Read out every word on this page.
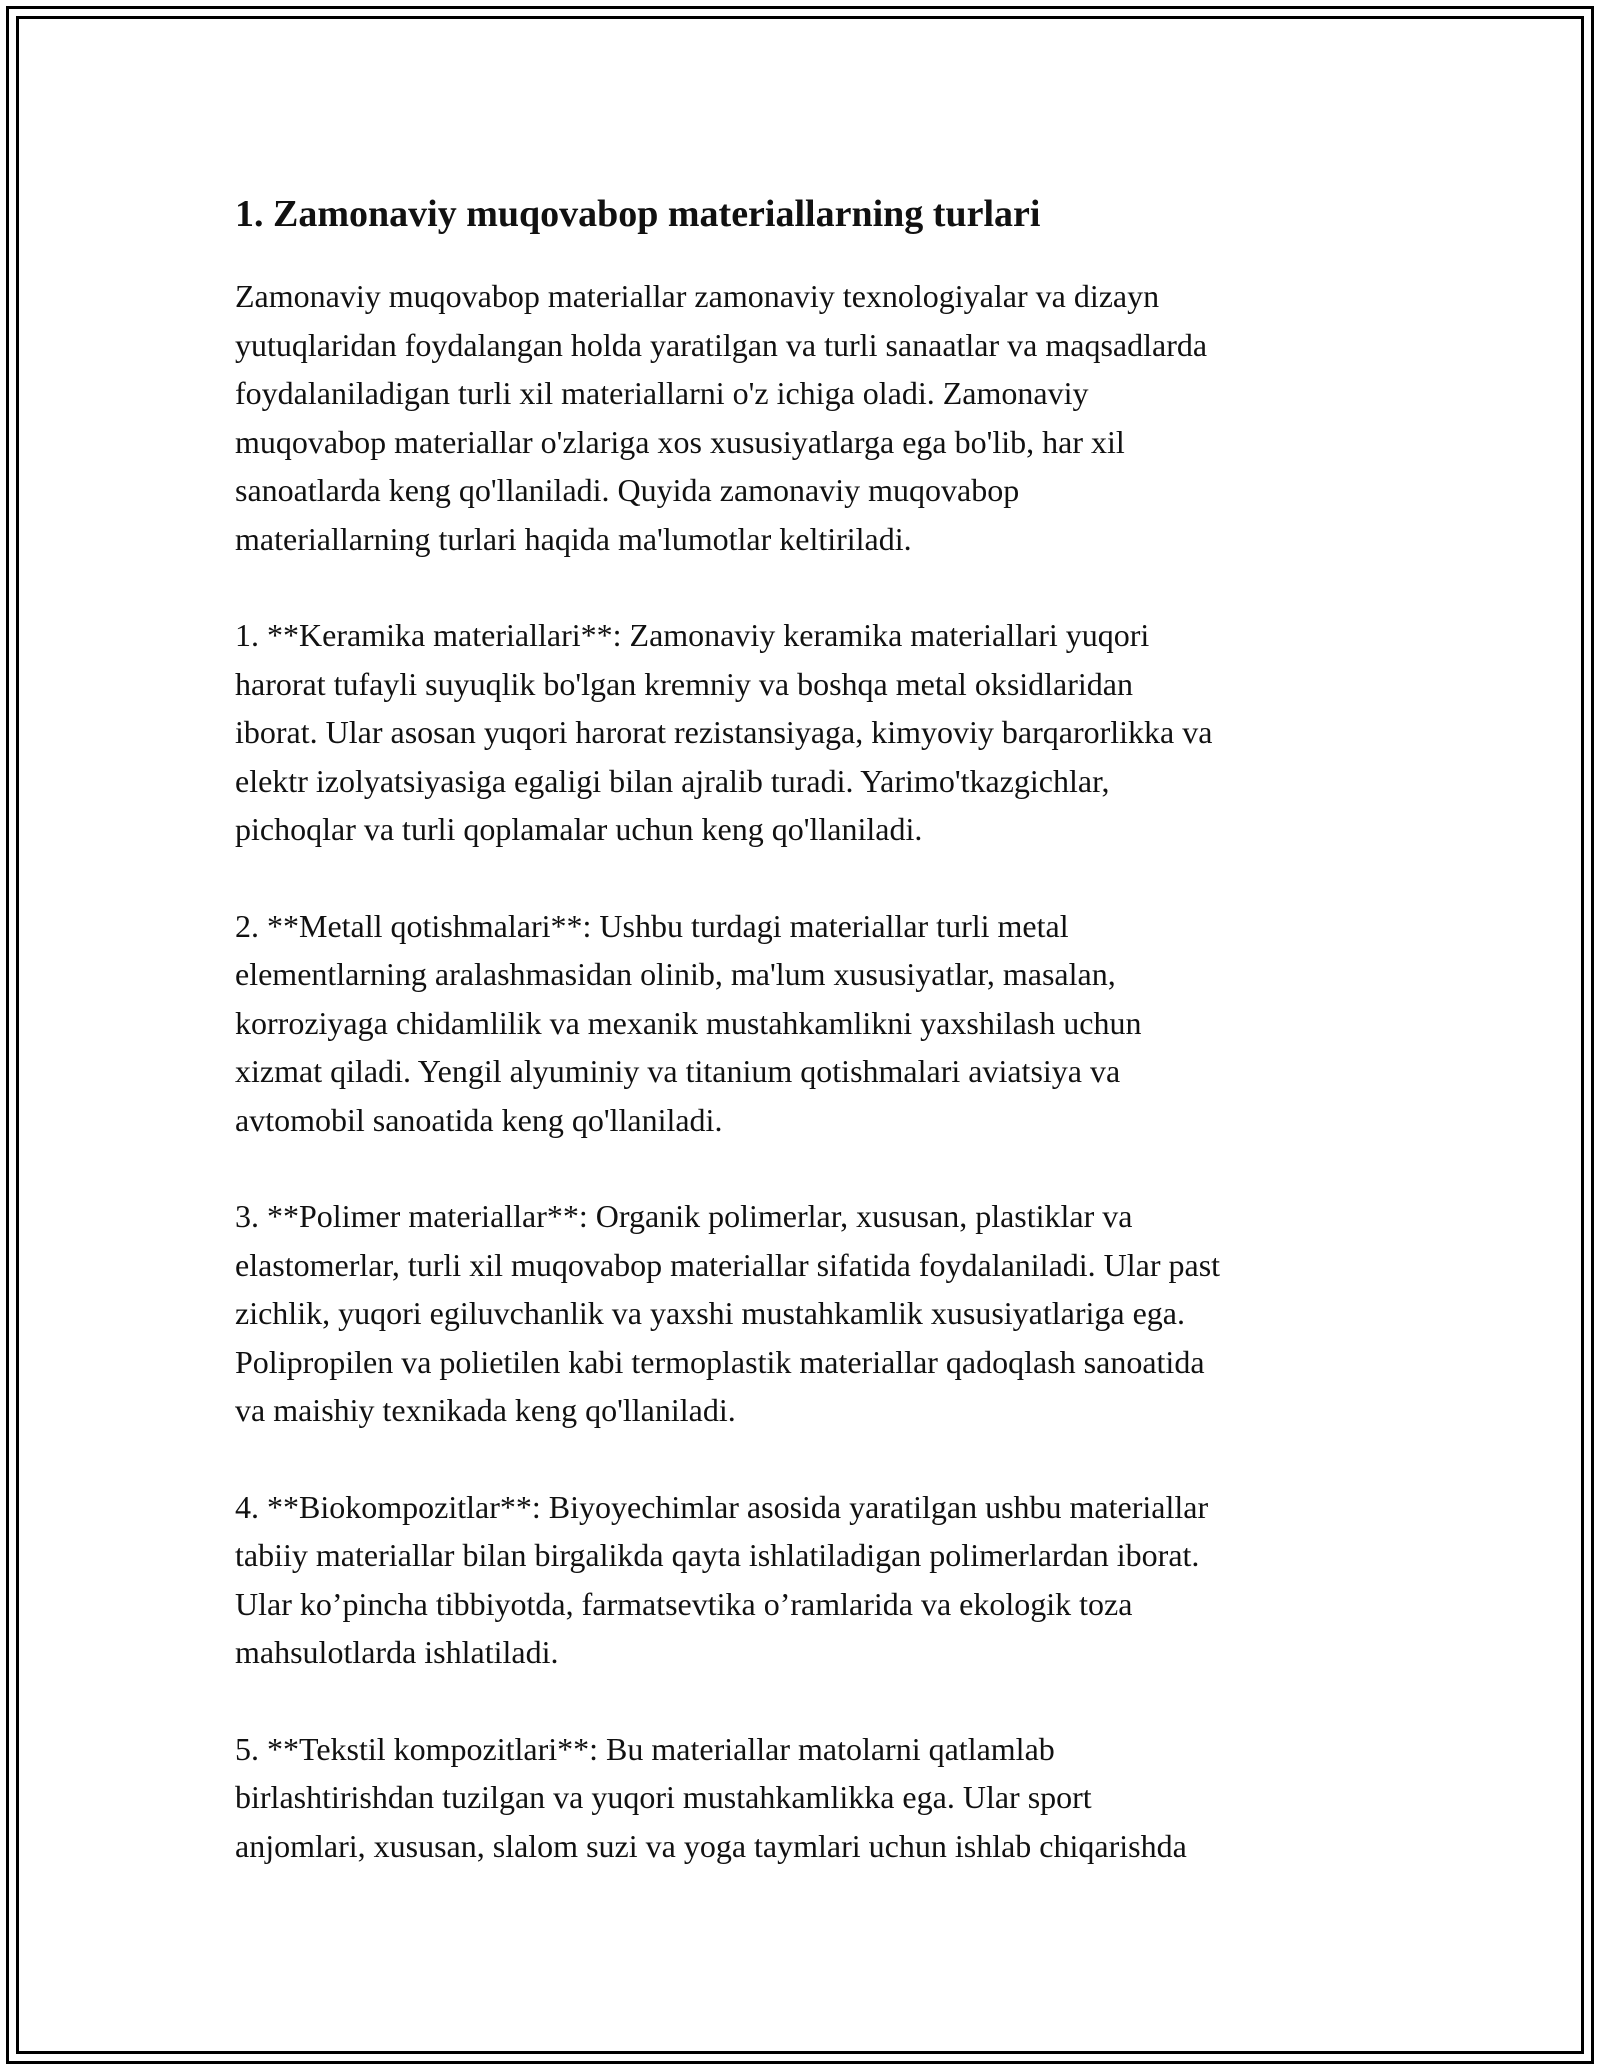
1. Zamonaviy muqovabop materiallarning turlari

Zamonaviy muqovabop materiallar zamonaviy texnologiyalar va dizayn
yutuqlaridan foydalangan holda yaratilgan va turli sanaatlar va maqsadlarda
foydalaniladigan turli xil materiallarni o'z ichiga oladi. Zamonaviy
muqovabop materiallar o'zlariga xos xususiyatlarga ega bo'lib, har xil
sanoatlarda keng qo'llaniladi. Quyida zamonaviy muqovabop
materiallarning turlari haqida ma'lumotlar keltiriladi.

1. **Keramika materiallari**: Zamonaviy keramika materiallari yuqori
harorat tufayli suyuqlik bo'lgan kremniy va boshqa metal oksidlaridan
iborat. Ular asosan yuqori harorat rezistansiyaga, kimyoviy barqarorlikka va
elektr izolyatsiyasiga egaligi bilan ajralib turadi. Yarimo'tkazgichlar,
pichoqlar va turli qoplamalar uchun keng qo'llaniladi.

2. **Metall qotishmalari**: Ushbu turdagi materiallar turli metal
elementlarning aralashmasidan olinib, ma'lum xususiyatlar, masalan,
korroziyaga chidamlilik va mexanik mustahkamlikni yaxshilash uchun
xizmat qiladi. Yengil alyuminiy va titanium qotishmalari aviatsiya va
avtomobil sanoatida keng qo'llaniladi.

3. **Polimer materiallar**: Organik polimerlar, xususan, plastiklar va
elastomerlar, turli xil muqovabop materiallar sifatida foydalaniladi. Ular past
zichlik, yuqori egiluvchanlik va yaxshi mustahkamlik xususiyatlariga ega.
Polipropilen va polietilen kabi termoplastik materiallar qadoqlash sanoatida
va maishiy texnikada keng qo'llaniladi.

4. **Biokompozitlar**: Biyoyechimlar asosida yaratilgan ushbu materiallar
tabiiy materiallar bilan birgalikda qayta ishlatiladigan polimerlardan iborat.
Ular ko’pincha tibbiyotda, farmatsevtika o’ramlarida va ekologik toza
mahsulotlarda ishlatiladi.

5. **Tekstil kompozitlari**: Bu materiallar matolarni qatlamlab
birlashtirishdan tuzilgan va yuqori mustahkamlikka ega. Ular sport
anjomlari, xususan, slalom suzi va yoga taymlari uchun ishlab chiqarishda
